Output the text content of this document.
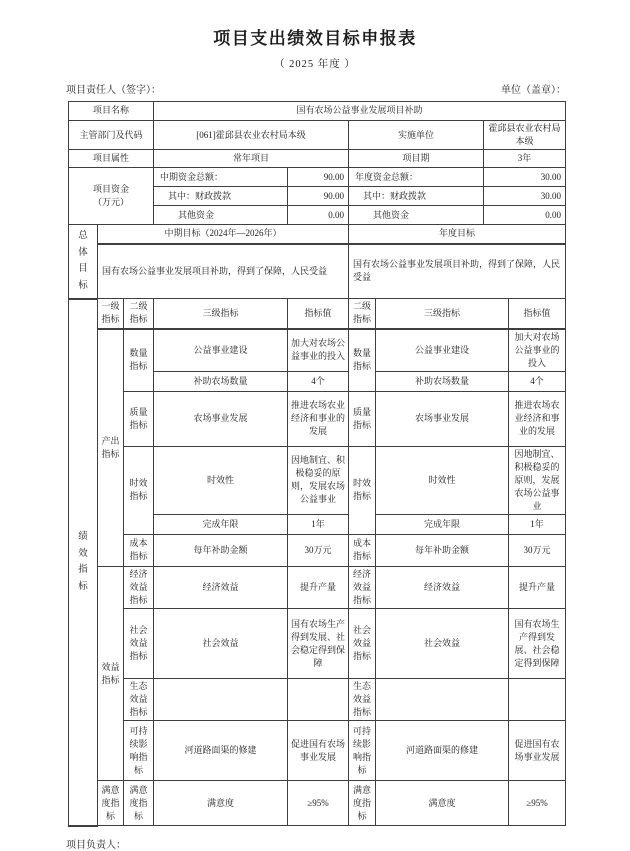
项目支出绩效目标申报表
（ 2025 年度 ）
项目责任人（签字）：	单位（盖章）：
项目名称			国有农场公益事业发展项目补助					
主管部门及代码			[061]霍邱县农业农村局本级		实施单位		霍邱县农业农村局本级	
项目属性			常年项目		项目期		3年	

项目资金
（万元）			中期资金总额：	90.00	年度资金总额：		30.00	
			其中：财政拨款	90.00	其中：财政拨款		30.00	
			其他资金	0.00	其他资金		0.00	
总体目标	中期目标（2024年—2026年）				年度目标			
	国有农场公益事业发展项目补助，得到了保障，人民受益				国有农场公益事业发展项目补助，得到了保障，人民受益			
绩效指标	一级指标	二级指标	三级指标	指标值	二级指标	三级指标		指标值
	产出指标	数量指标	公益事业建设	加大对农场公益事业的投入	数量指标	公益事业建设		加大对农场公益事业的投入
			补助农场数量	4个		补助农场数量		4个
		质量指标	农场事业发展	推进农场农业经济和事业的发展	质量指标	农场事业发展		推进农场农业经济和事业的发展
		时效指标	时效性	因地制宜、积极稳妥的原则，发展农场公益事业	时效指标	时效性		因地制宜、积极稳妥的原则，发展农场公益事业
			完成年限	1年		完成年限		1年
		成本指标	每年补助金额	30万元	成本指标	每年补助金额		30万元
	效益指标	经济效益指标	经济效益	提升产量	经济效益指标	经济效益		提升产量
		社会效益指标	社会效益	国有农场生产得到发展、社会稳定得到保障	社会效益指标	社会效益		国有农场生产得到发展、社会稳定得到保障
		生态效益指标			生态效益指标			
		可持续影响指标	河道路面渠的修建	促进国有农场事业发展	可持续影响指标	河道路面渠的修建		促进国有农场事业发展
	满意度指标	满意度指标	满意度	≥95%	满意度指标	满意度		≥95%
项目负责人：
